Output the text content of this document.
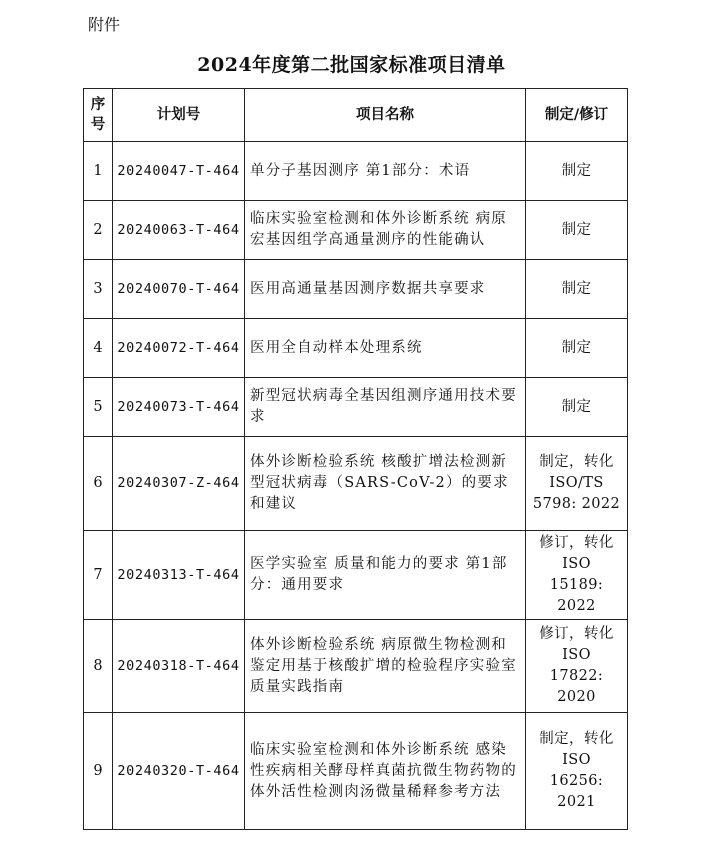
附件
2024年度第二批国家标准项目清单
序号	计划号	项目名称	制定/修订
1	20240047-T-464	单分子基因测序 第1部分：术语	制定

2	20240063-T-464	临床实验室检测和体外诊断系统 病原宏基因组学高通量测序的性能确认	制定

3	20240070-T-464	医用高通量基因测序数据共享要求	制定

4	20240072-T-464	医用全自动样本处理系统	制定

5	20240073-T-464	新型冠状病毒全基因组测序通用技术要求	制定

6	20240307-Z-464	体外诊断检验系统 核酸扩增法检测新型冠状病毒（SARS-CoV-2）的要求和建议	制定，转化
ISO/TS
5798: 2022

7	20240313-T-464	医学实验室 质量和能力的要求 第1部分：通用要求	修订，转化
ISO
15189: 2022

8	20240318-T-464	体外诊断检验系统 病原微生物检测和鉴定用基于核酸扩增的检验程序实验室质量实践指南	修订，转化
ISO
17822: 2020

9	20240320-T-464	临床实验室检测和体外诊断系统 感染性疾病相关酵母样真菌抗微生物药物的体外活性检测肉汤微量稀释参考方法	制定，转化
ISO
16256: 2021
